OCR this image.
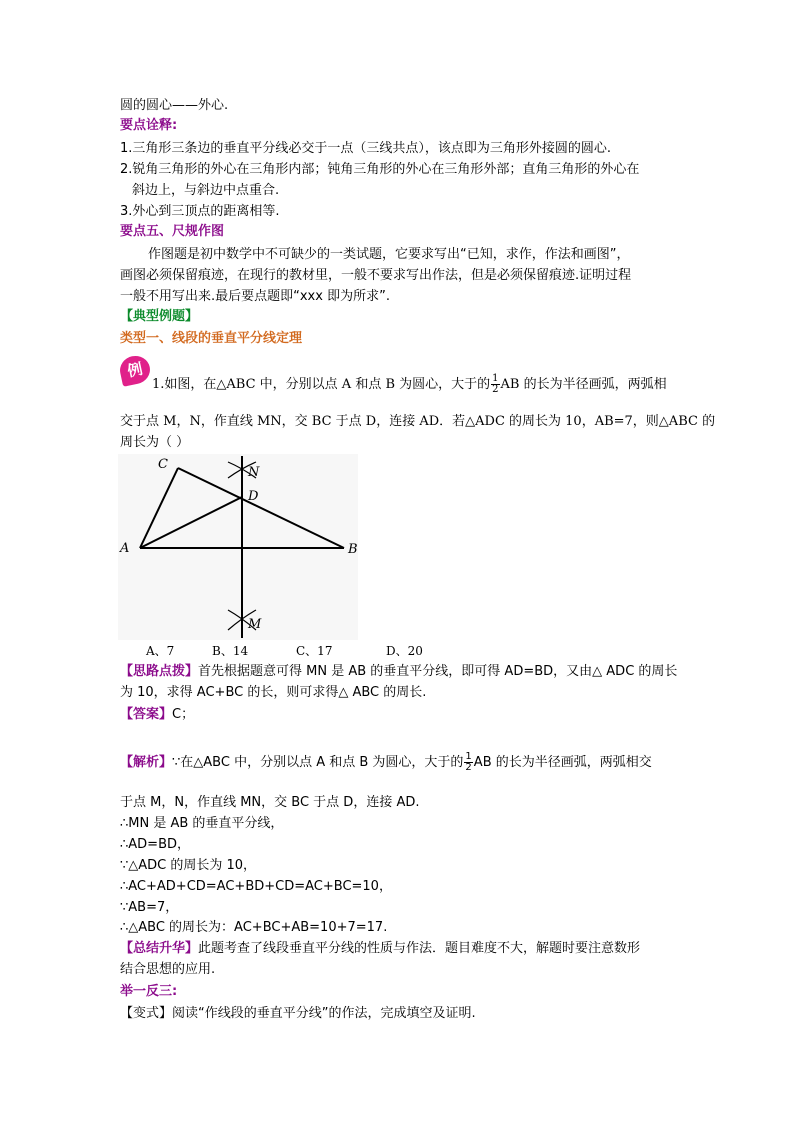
圆的圆心——外心.
要点诠释:
1.三角形三条边的垂直平分线必交于一点（三线共点），该点即为三角形外接圆的圆心.
2.锐角三角形的外心在三角形内部；钝角三角形的外心在三角形外部；直角三角形的外心在
斜边上，与斜边中点重合.
3.外心到三顶点的距离相等.
要点五、尺规作图
作图题是初中数学中不可缺少的一类试题，它要求写出“已知，求作，作法和画图”，
画图必须保留痕迹，在现行的教材里，一般不要求写出作法，但是必须保留痕迹.证明过程
一般不用写出来.最后要点题即“xxx 即为所求”.
【典型例题】
类型一、线段的垂直平分线定理
例
1.如图，在△ABC 中，分别以点 A 和点 B 为圆心，大于的 $\frac{1}{2}$ AB 的长为半径画弧，两弧相
交于点 M，N，作直线 MN，交 BC 于点 D，连接 AD．若△ADC 的周长为 10，AB=7，则△ABC 的
周长为（ ）
C
N
D
A	B
M
A、7	B、14	C、17	D、20
【思路点拨】首先根据题意可得 MN 是 AB 的垂直平分线，即可得 AD=BD，又由△ ADC 的周长
为 10，求得 AC+BC 的长，则可求得△ ABC 的周长.
【答案】C；
【解析】∵在△ABC 中，分别以点 A 和点 B 为圆心，大于的 $\frac{1}{2}$ AB 的长为半径画弧，两弧相交
于点 M，N，作直线 MN，交 BC 于点 D，连接 AD.
∴MN 是 AB 的垂直平分线，
∴AD=BD，
∵△ADC 的周长为 10，
∴AC+AD+CD=AC+BD+CD=AC+BC=10，
∵AB=7，
∴△ABC 的周长为：AC+BC+AB=10+7=17.
【总结升华】此题考查了线段垂直平分线的性质与作法．题目难度不大，解题时要注意数形
结合思想的应用.
举一反三:
【变式】阅读“作线段的垂直平分线”的作法，完成填空及证明.
